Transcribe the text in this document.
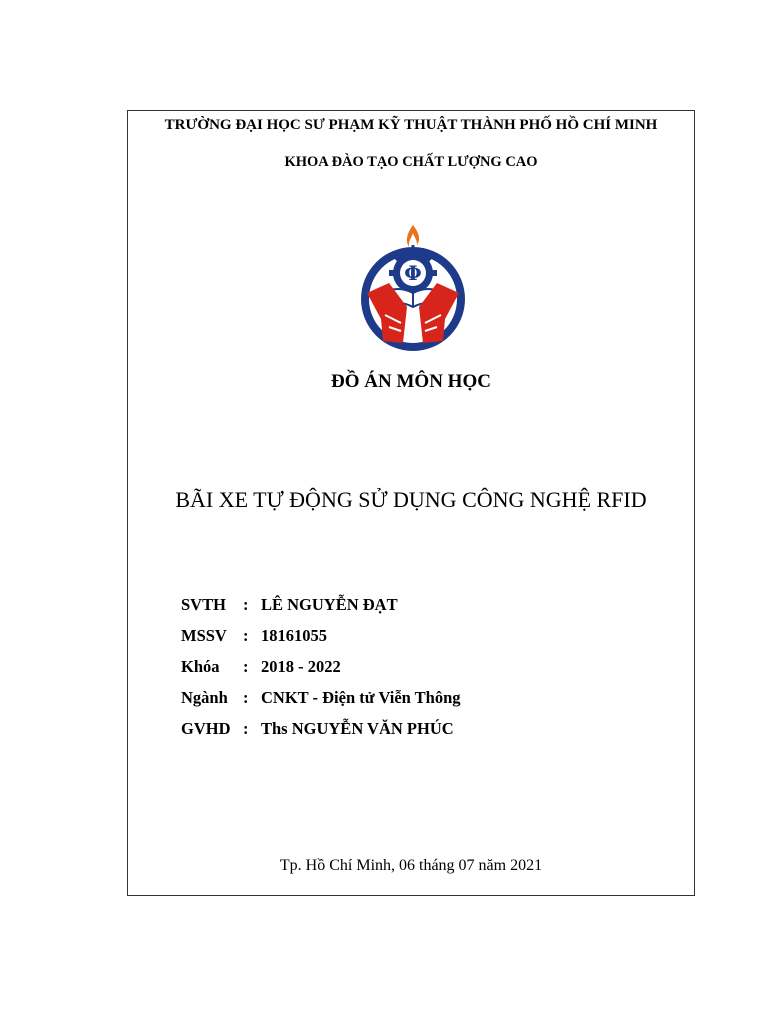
TRƯỜNG ĐẠI HỌC SƯ PHẠM KỸ THUẬT THÀNH PHỐ HỒ CHÍ MINH
KHOA ĐÀO TẠO CHẤT LƯỢNG CAO
Φ
ĐỒ ÁN MÔN HỌC
BÃI XE TỰ ĐỘNG SỬ DỤNG CÔNG NGHỆ RFID
SVTH	: LÊ NGUYỄN ĐẠT
MSSV : 18161055
Khóa	: 2018 - 2022
Ngành : CNKT - Điện tử Viễn Thông
GVHD : Ths NGUYỄN VĂN PHÚC
Tp. Hồ Chí Minh, 06 tháng 07 năm 2021
